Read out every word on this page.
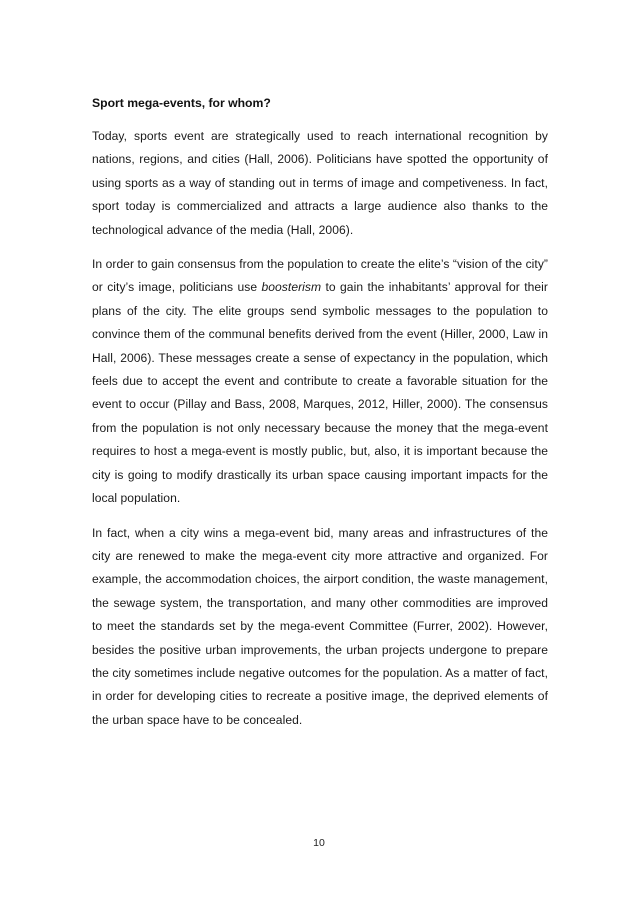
Sport mega-events, for whom?

Today, sports event are strategically used to reach international recognition by nations, regions, and cities (Hall, 2006). Politicians have spotted the opportunity of using sports as a way of standing out in terms of image and competiveness. In fact, sport today is commercialized and attracts a large audience also thanks to the technological advance of the media (Hall, 2006).

In order to gain consensus from the population to create the elite’s “vision of the city” or city’s image, politicians use boosterism to gain the inhabitants’ approval for their plans of the city. The elite groups send symbolic messages to the population to convince them of the communal benefits derived from the event (Hiller, 2000, Law in Hall, 2006). These messages create a sense of expectancy in the population, which feels due to accept the event and contribute to create a favorable situation for the event to occur (Pillay and Bass, 2008, Marques, 2012, Hiller, 2000). The consensus from the population is not only necessary because the money that the mega-event requires to host a mega-event is mostly public, but, also, it is important because the city is going to modify drastically its urban space causing important impacts for the local population.

In fact, when a city wins a mega-event bid, many areas and infrastructures of the city are renewed to make the mega-event city more attractive and organized. For example, the accommodation choices, the airport condition, the waste management, the sewage system, the transportation, and many other commodities are improved to meet the standards set by the mega-event Committee (Furrer, 2002). However, besides the positive urban improvements, the urban projects undergone to prepare the city sometimes include negative outcomes for the population. As a matter of fact, in order for developing cities to recreate a positive image, the deprived elements of the urban space have to be concealed.

10
